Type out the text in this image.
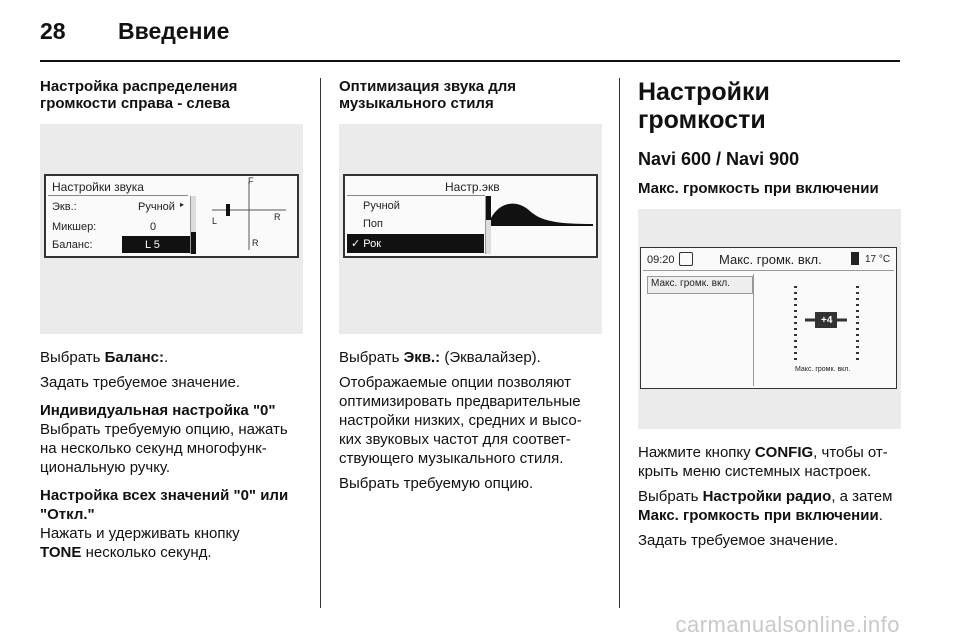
28 Введение

Настройка распределения
громкости справа - слева

Настройки звука
Экв.:	Ручной ▸
Микшер:	0
Баланс:	L 5
F
L	R
R

Выбрать Баланс:.

Задать требуемое значение.

Индивидуальная настройка "0"

Выбрать требуемую опцию, нажать
на несколько секунд многофунк-
циональную ручку.

Настройка всех значений "0" или
"Откл."

Нажать и удерживать кнопку
TONE несколько секунд.

Оптимизация звука для
музыкального стиля

Настр.экв
Ручной
Поп
✓ Рок

Выбрать Экв.: (Эквалайзер).

Отображаемые опции позволяют
оптимизировать предварительные
настройки низких, средних и высо-
ких звуковых частот для соответ-
ствующего музыкального стиля.

Выбрать требуемую опцию.

Настройки громкости

Navi 600 / Navi 900

Макс. громкость при включении

09:20	Макс. громк. вкл.	17 °C
Макс. громк. вкл.
+4
Макс. громк. вкл.

Нажмите кнопку CONFIG, чтобы от-
крыть меню системных настроек.

Выбрать Настройки радио, а затем
Макс. громкость при включении.

Задать требуемое значение.

carmanualsonline.info
